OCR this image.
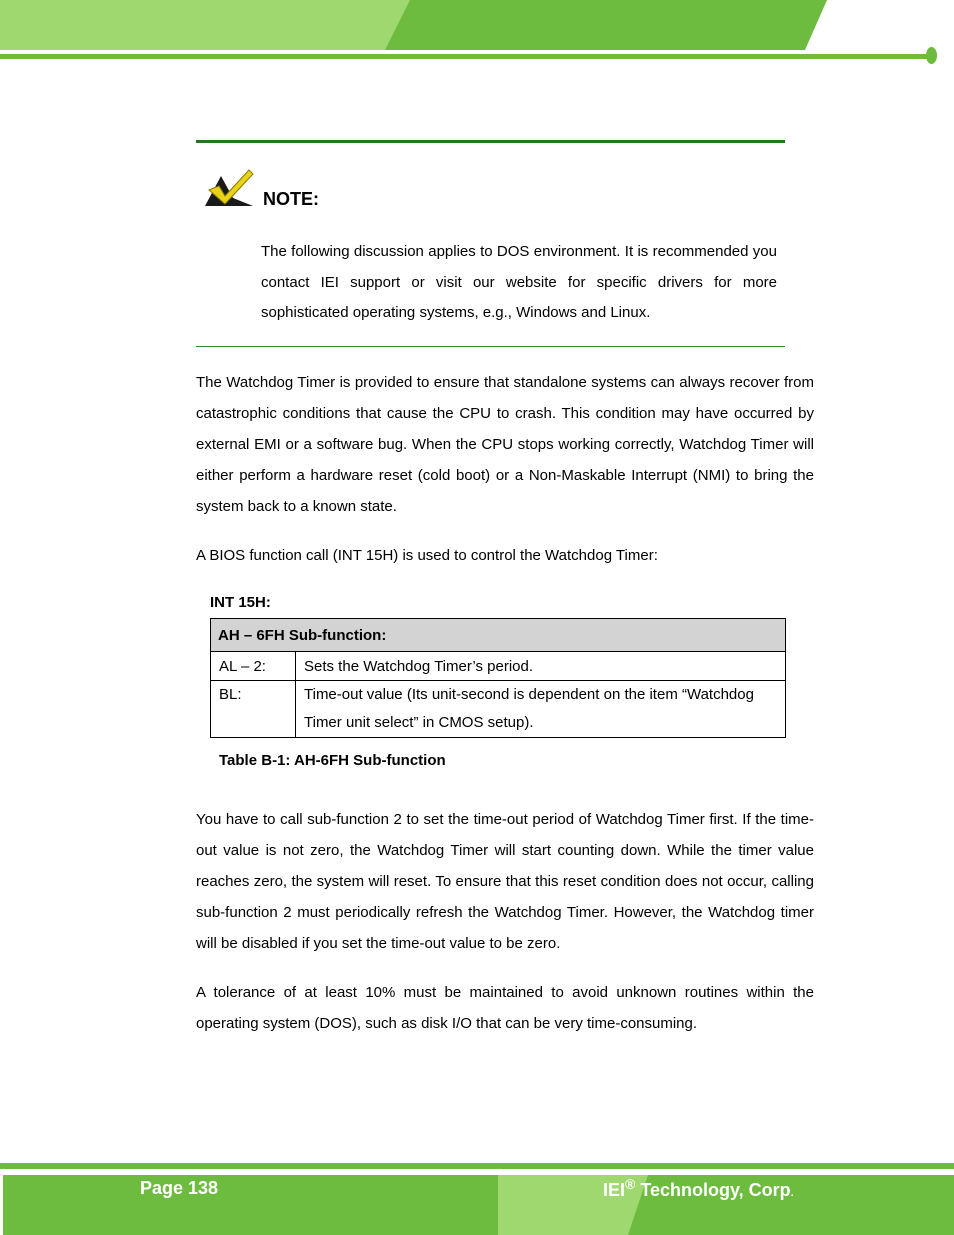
NOTE:

The following discussion applies to DOS environment. It is recommended you contact IEI support or visit our website for specific drivers for more sophisticated operating systems, e.g., Windows and Linux.

The Watchdog Timer is provided to ensure that standalone systems can always recover from catastrophic conditions that cause the CPU to crash. This condition may have occurred by external EMI or a software bug. When the CPU stops working correctly, Watchdog Timer will either perform a hardware reset (cold boot) or a Non-Maskable Interrupt (NMI) to bring the system back to a known state.

A BIOS function call (INT 15H) is used to control the Watchdog Timer:

INT 15H:
AH – 6FH Sub-function:	
AL – 2:	Sets the Watchdog Timer’s period.
BL:	Time-out value (Its unit-second is dependent on the item “Watchdog Timer unit select” in CMOS setup).
Table B-1: AH-6FH Sub-function

You have to call sub-function 2 to set the time-out period of Watchdog Timer first. If the time-out value is not zero, the Watchdog Timer will start counting down. While the timer value reaches zero, the system will reset. To ensure that this reset condition does not occur, calling sub-function 2 must periodically refresh the Watchdog Timer. However, the Watchdog timer will be disabled if you set the time-out value to be zero.

A tolerance of at least 10% must be maintained to avoid unknown routines within the operating system (DOS), such as disk I/O that can be very time-consuming.

Page 138	IEI® Technology, Corp.
